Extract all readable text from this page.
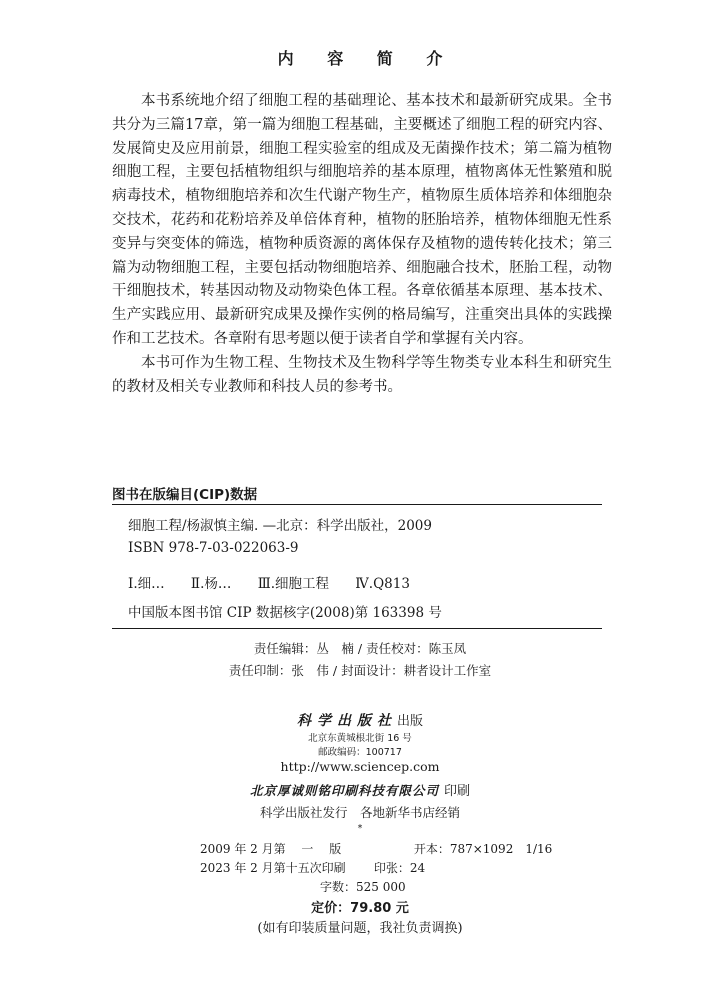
内 容 简 介

本书系统地介绍了细胞工程的基础理论、基本技术和最新研究成果。全书共分为三篇17章，第一篇为细胞工程基础，主要概述了细胞工程的研究内容、发展简史及应用前景，细胞工程实验室的组成及无菌操作技术；第二篇为植物细胞工程，主要包括植物组织与细胞培养的基本原理，植物离体无性繁殖和脱病毒技术，植物细胞培养和次生代谢产物生产，植物原生质体培养和体细胞杂交技术，花药和花粉培养及单倍体育种，植物的胚胎培养，植物体细胞无性系变异与突变体的筛选，植物种质资源的离体保存及植物的遗传转化技术；第三篇为动物细胞工程，主要包括动物细胞培养、细胞融合技术，胚胎工程，动物干细胞技术，转基因动物及动物染色体工程。各章依循基本原理、基本技术、生产实践应用、最新研究成果及操作实例的格局编写，注重突出具体的实践操作和工艺技术。各章附有思考题以便于读者自学和掌握有关内容。

本书可作为生物工程、生物技术及生物科学等生物类专业本科生和研究生的教材及相关专业教师和科技人员的参考书。

图书在版编目(CIP)数据
细胞工程/杨淑慎主编. —北京：科学出版社，2009
ISBN 978-7-03-022063-9
Ⅰ.细… Ⅱ.杨… Ⅲ.细胞工程 Ⅳ.Q813
中国版本图书馆 CIP 数据核字(2008)第 163398 号
责任编辑：丛　楠 / 责任校对：陈玉凤
责任印制：张　伟 / 封面设计：耕者设计工作室
科学出版社出版
北京东黄城根北街 16 号
邮政编码：100717
http://www.sciencep.com
北京厚诚则铭印刷科技有限公司 印刷
科学出版社发行　各地新华书店经销
*
2009 年 2 月第　 一　 版	开本：787×1092　1/16
2023 年 2 月第十五次印刷 印张：24
字数：525 000
定价：79.80 元
(如有印装质量问题，我社负责调换)
